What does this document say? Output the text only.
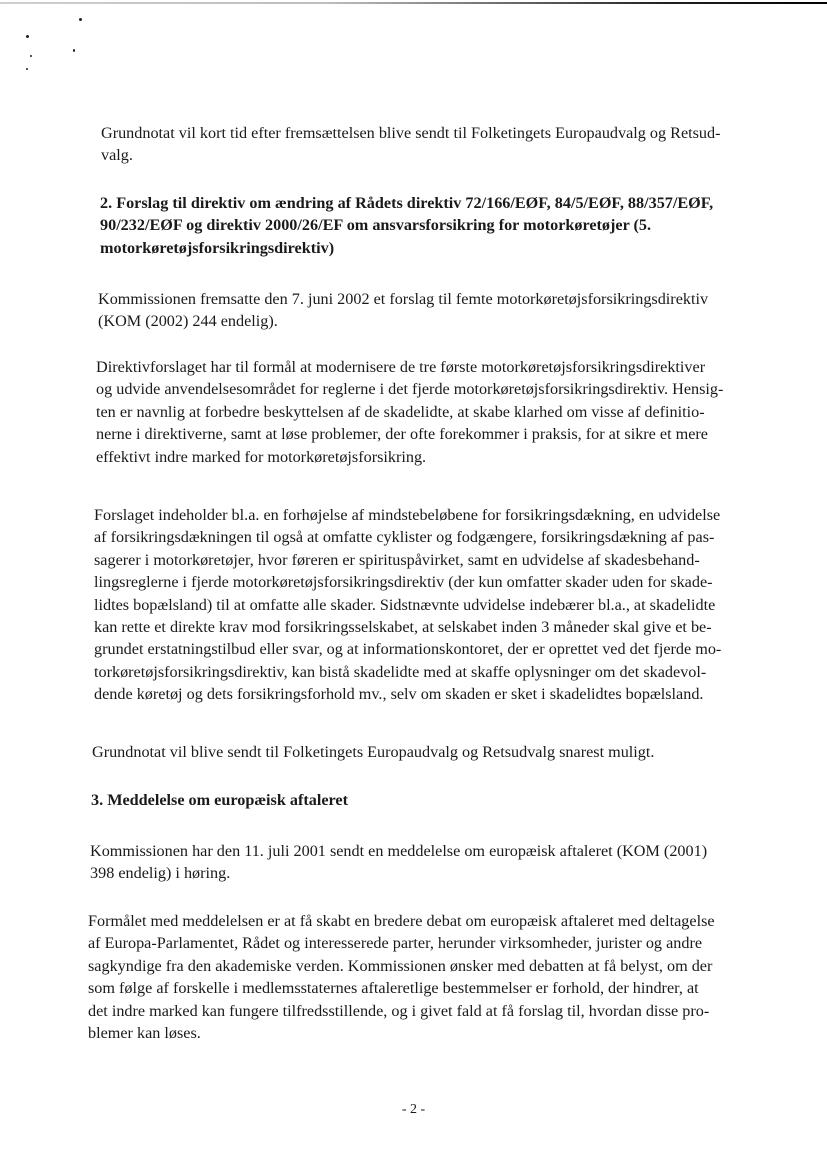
Grundnotat vil kort tid efter fremsættelsen blive sendt til Folketingets Europaudvalg og Retsud-
valg.

2. Forslag til direktiv om ændring af Rådets direktiv 72/166/EØF, 84/5/EØF, 88/357/EØF,
90/232/EØF og direktiv 2000/26/EF om ansvarsforsikring for motorkøretøjer (5.
motorkøretøjsforsikringsdirektiv)

Kommissionen fremsatte den 7. juni 2002 et forslag til femte motorkøretøjsforsikringsdirektiv
(KOM (2002) 244 endelig).

Direktivforslaget har til formål at modernisere de tre første motorkøretøjsforsikringsdirektiver
og udvide anvendelsesområdet for reglerne i det fjerde motorkøretøjsforsikringsdirektiv. Hensig-
ten er navnlig at forbedre beskyttelsen af de skadelidte, at skabe klarhed om visse af definitio-
nerne i direktiverne, samt at løse problemer, der ofte forekommer i praksis, for at sikre et mere
effektivt indre marked for motorkøretøjsforsikring.

Forslaget indeholder bl.a. en forhøjelse af mindstebeløbene for forsikringsdækning, en udvidelse
af forsikringsdækningen til også at omfatte cyklister og fodgængere, forsikringsdækning af pas-
sagerer i motorkøretøjer, hvor føreren er spirituspåvirket, samt en udvidelse af skadesbehand-
lingsreglerne i fjerde motorkøretøjsforsikringsdirektiv (der kun omfatter skader uden for skade-
lidtes bopælsland) til at omfatte alle skader. Sidstnævnte udvidelse indebærer bl.a., at skadelidte
kan rette et direkte krav mod forsikringsselskabet, at selskabet inden 3 måneder skal give et be-
grundet erstatningstilbud eller svar, og at informationskontoret, der er oprettet ved det fjerde mo-
torkøretøjsforsikringsdirektiv, kan bistå skadelidte med at skaffe oplysninger om det skadevol-
dende køretøj og dets forsikringsforhold mv., selv om skaden er sket i skadelidtes bopælsland.

Grundnotat vil blive sendt til Folketingets Europaudvalg og Retsudvalg snarest muligt.

3. Meddelelse om europæisk aftaleret

Kommissionen har den 11. juli 2001 sendt en meddelelse om europæisk aftaleret (KOM (2001)
398 endelig) i høring.

Formålet med meddelelsen er at få skabt en bredere debat om europæisk aftaleret med deltagelse
af Europa-Parlamentet, Rådet og interesserede parter, herunder virksomheder, jurister og andre
sagkyndige fra den akademiske verden. Kommissionen ønsker med debatten at få belyst, om der
som følge af forskelle i medlemsstaternes aftaleretlige bestemmelser er forhold, der hindrer, at
det indre marked kan fungere tilfredsstillende, og i givet fald at få forslag til, hvordan disse pro-
blemer kan løses.

- 2 -
